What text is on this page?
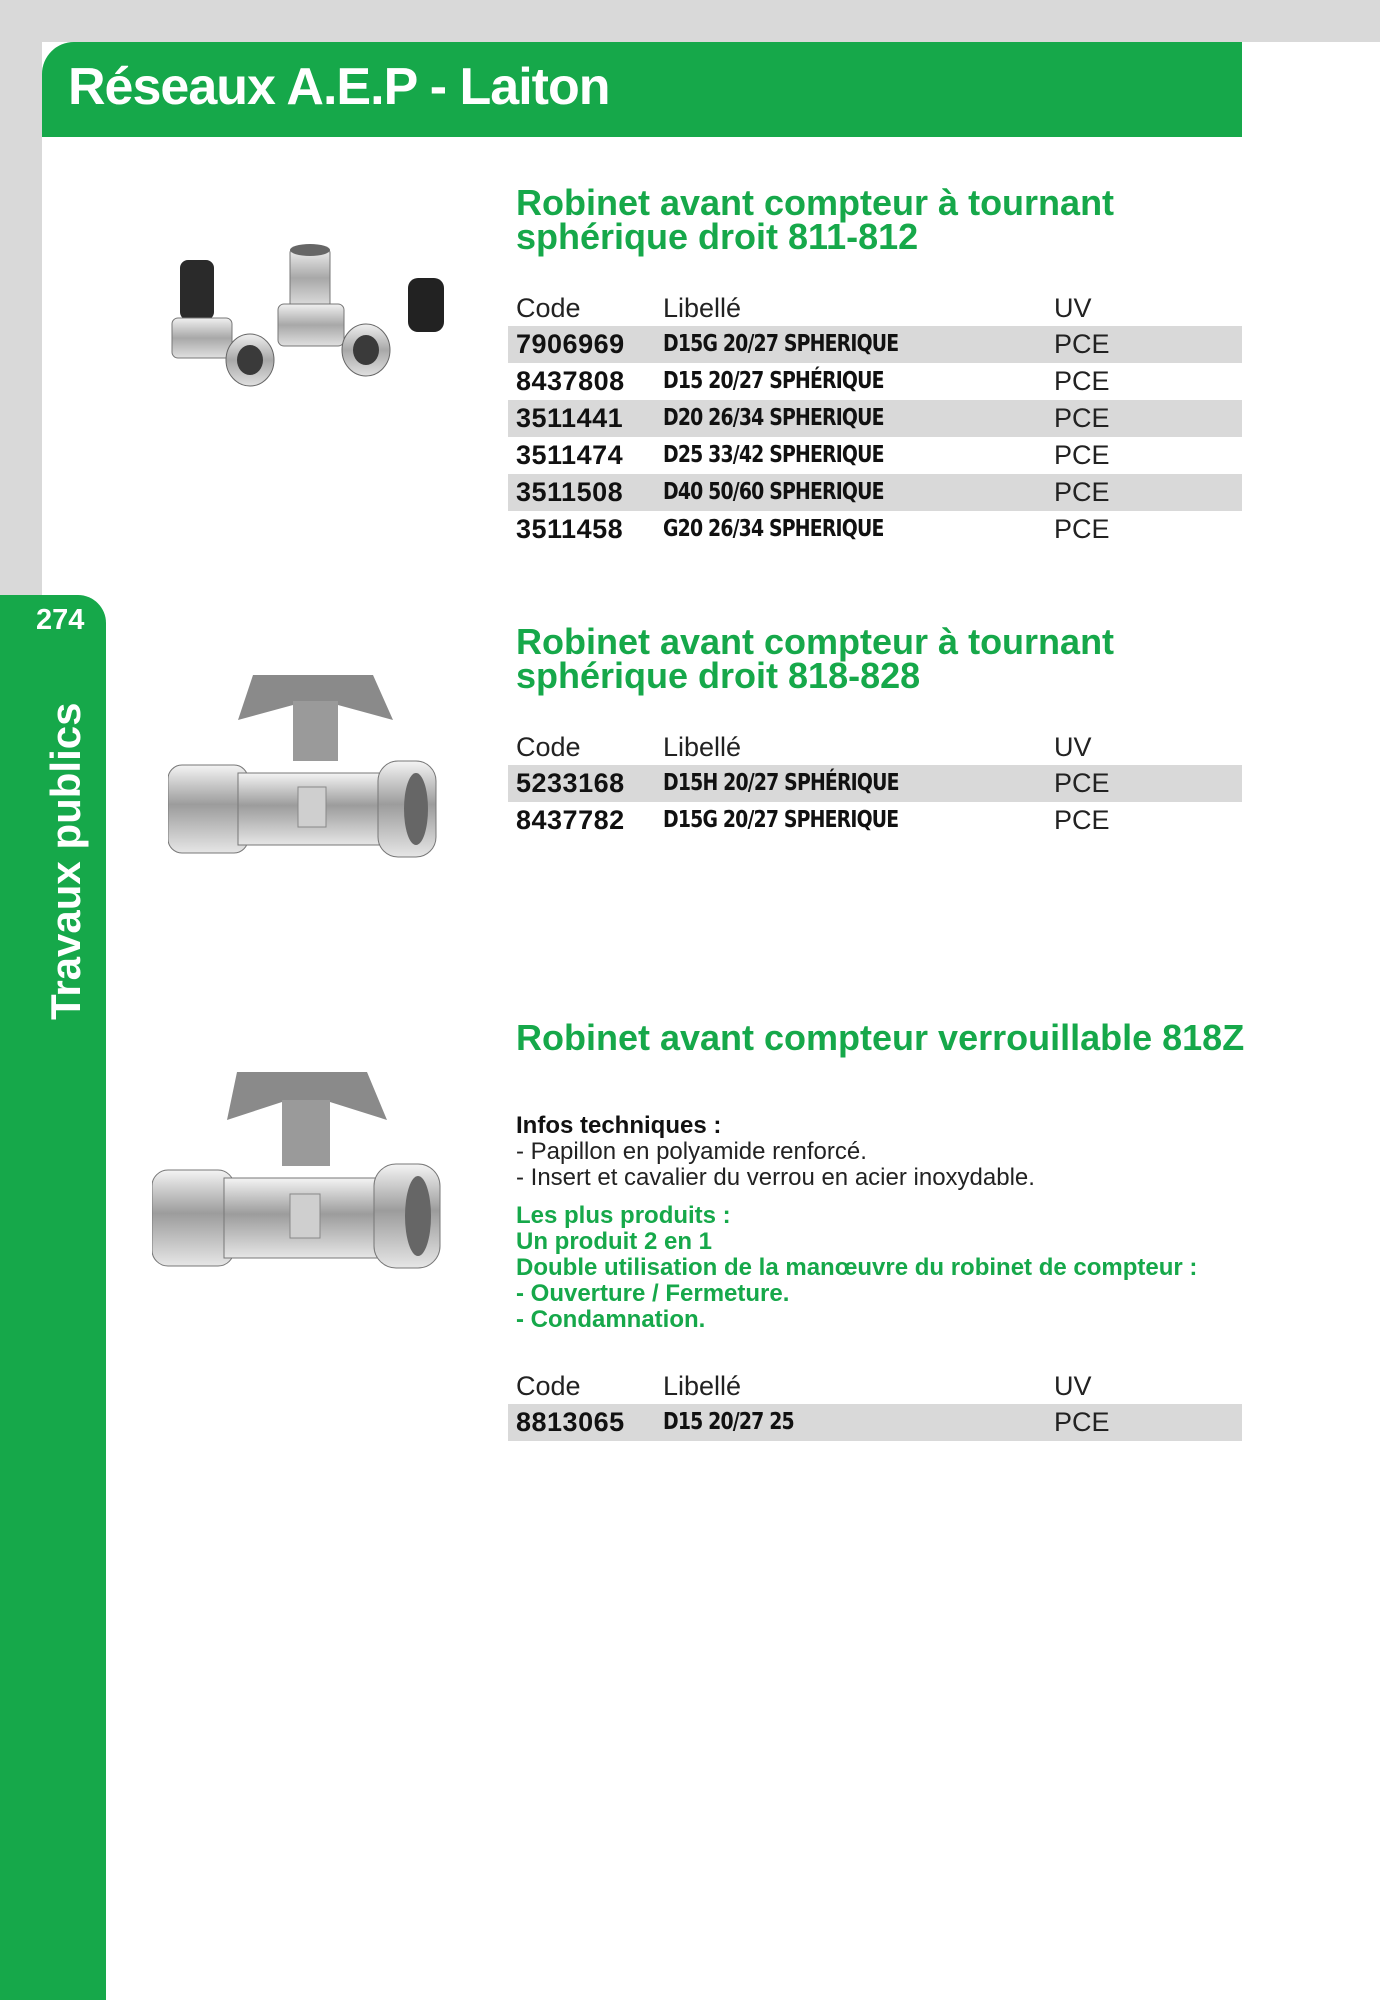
Réseaux A.E.P - Laiton
274
Travaux publics
Robinet avant compteur à tournant sphérique droit 811-812
Code	Libellé	UV
7906969 D15G 20/27 SPHERIQUE	PCE
8437808 D15 20/27 SPHÉRIQUE	PCE
3511441 D20 26/34 SPHERIQUE	PCE
3511474 D25 33/42 SPHERIQUE	PCE
3511508 D40 50/60 SPHERIQUE	PCE
3511458 G20 26/34 SPHERIQUE	PCE
Robinet avant compteur à tournant sphérique droit 818-828
Code	Libellé	UV
5233168 D15H 20/27 SPHÉRIQUE	PCE
8437782 D15G 20/27 SPHERIQUE	PCE
Robinet avant compteur verrouillable 818Z
Infos techniques :
- Papillon en polyamide renforcé.
- Insert et cavalier du verrou en acier inoxydable.
Les plus produits :
Un produit 2 en 1
Double utilisation de la manœuvre du robinet de compteur :
- Ouverture / Fermeture.
- Condamnation.
Code	Libellé	UV
8813065 D15 20/27 25	PCE
